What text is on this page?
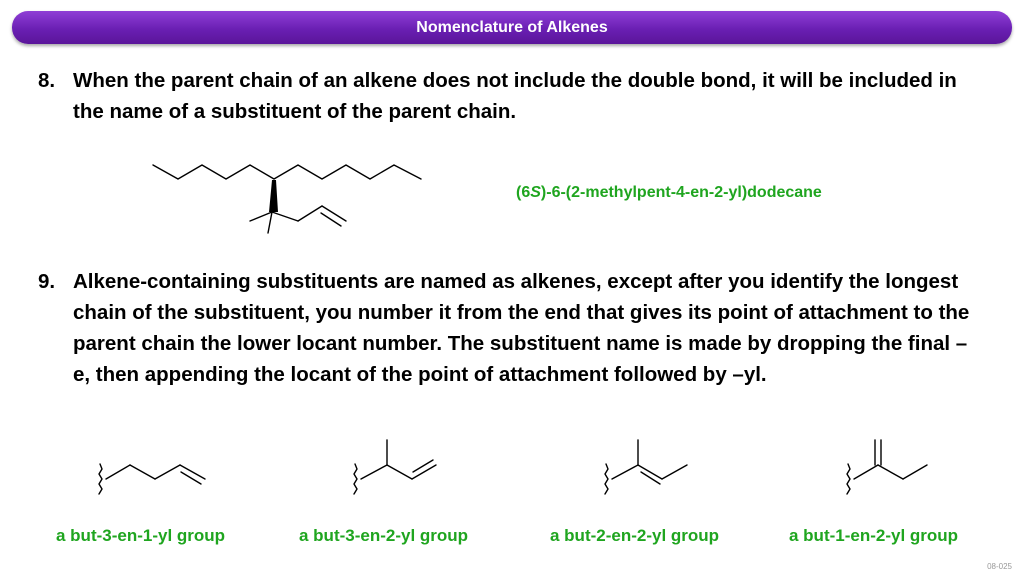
Nomenclature of Alkenes
8. When the parent chain of an alkene does not include the double bond, it will be included in the name of a substituent of the parent chain.
(6S)-6-(2-methylpent-4-en-2-yl)dodecane
9. Alkene-containing substituents are named as alkenes, except after you identify the longest chain of the substituent, you number it from the end that gives its point of attachment to the parent chain the lower locant number. The substituent name is made by dropping the final –e, then appending the locant of the point of attachment followed by –yl.
a but-3-en-1-yl group	a but-3-en-2-yl group	a but-2-en-2-yl group	a but-1-en-2-yl group
08-025
